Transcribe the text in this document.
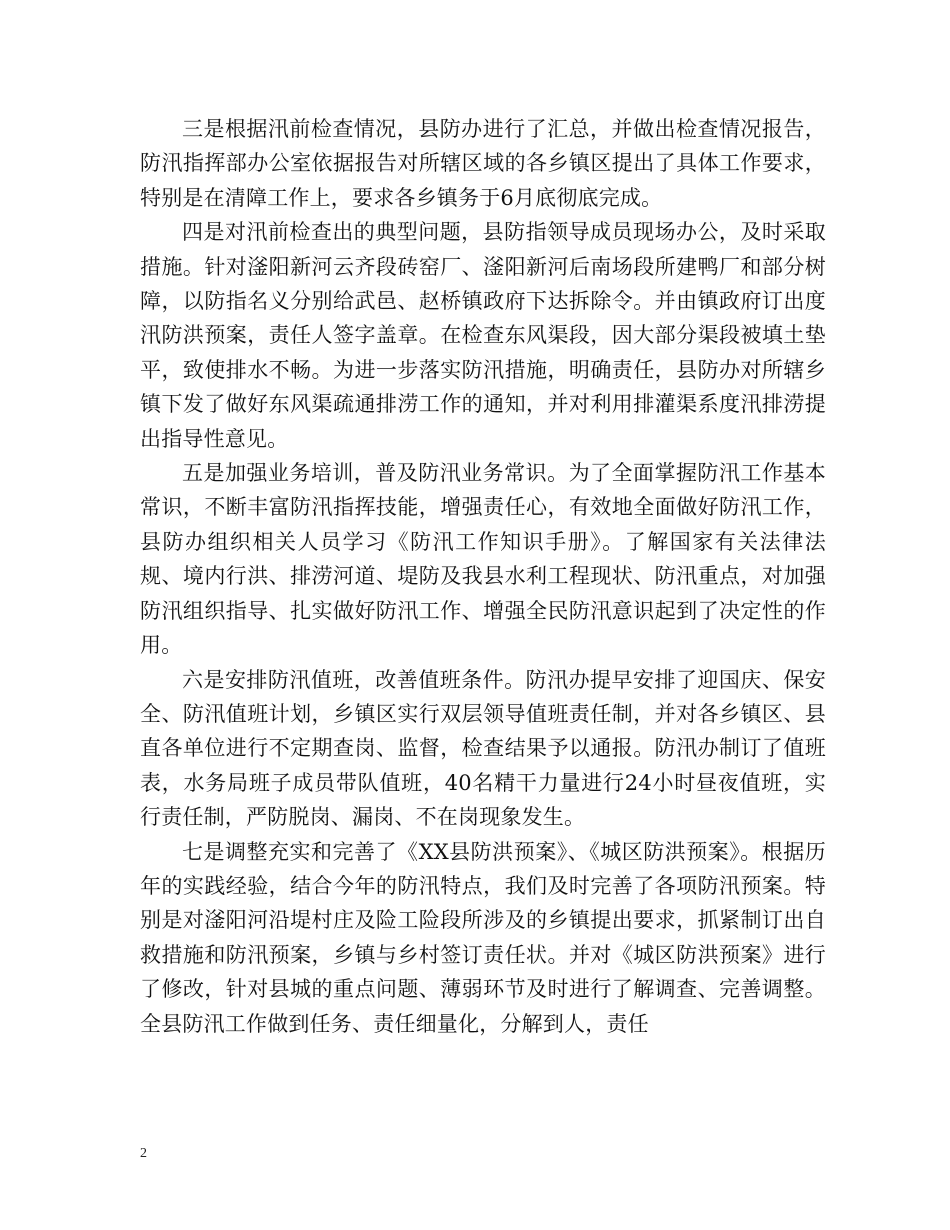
三是根据汛前检查情况，县防办进行了汇总，并做出检查情况报告，防汛指挥部办公室依据报告对所辖区域的各乡镇区提出了具体工作要求，特别是在清障工作上，要求各乡镇务于6月底彻底完成。

四是对汛前检查出的典型问题，县防指领导成员现场办公，及时采取措施。针对滏阳新河云齐段砖窑厂、滏阳新河后南场段所建鸭厂和部分树障，以防指名义分别给武邑、赵桥镇政府下达拆除令。并由镇政府订出度汛防洪预案，责任人签字盖章。在检查东风渠段，因大部分渠段被填土垫平，致使排水不畅。为进一步落实防汛措施，明确责任，县防办对所辖乡镇下发了做好东风渠疏通排涝工作的通知，并对利用排灌渠系度汛排涝提出指导性意见。

五是加强业务培训，普及防汛业务常识。为了全面掌握防汛工作基本常识，不断丰富防汛指挥技能，增强责任心，有效地全面做好防汛工作，县防办组织相关人员学习《防汛工作知识手册》。了解国家有关法律法规、境内行洪、排涝河道、堤防及我县水利工程现状、防汛重点，对加强防汛组织指导、扎实做好防汛工作、增强全民防汛意识起到了决定性的作用。

六是安排防汛值班，改善值班条件。防汛办提早安排了迎国庆、保安全、防汛值班计划，乡镇区实行双层领导值班责任制，并对各乡镇区、县直各单位进行不定期查岗、监督，检查结果予以通报。防汛办制订了值班表，水务局班子成员带队值班，40名精干力量进行24小时昼夜值班，实行责任制，严防脱岗、漏岗、不在岗现象发生。

七是调整充实和完善了《XX县防洪预案》、《城区防洪预案》。根据历年的实践经验，结合今年的防汛特点，我们及时完善了各项防汛预案。特别是对滏阳河沿堤村庄及险工险段所涉及的乡镇提出要求，抓紧制订出自救措施和防汛预案，乡镇与乡村签订责任状。并对《城区防洪预案》进行了修改，针对县城的重点问题、薄弱环节及时进行了解调查、完善调整。全县防汛工作做到任务、责任细量化，分解到人，责任

2
